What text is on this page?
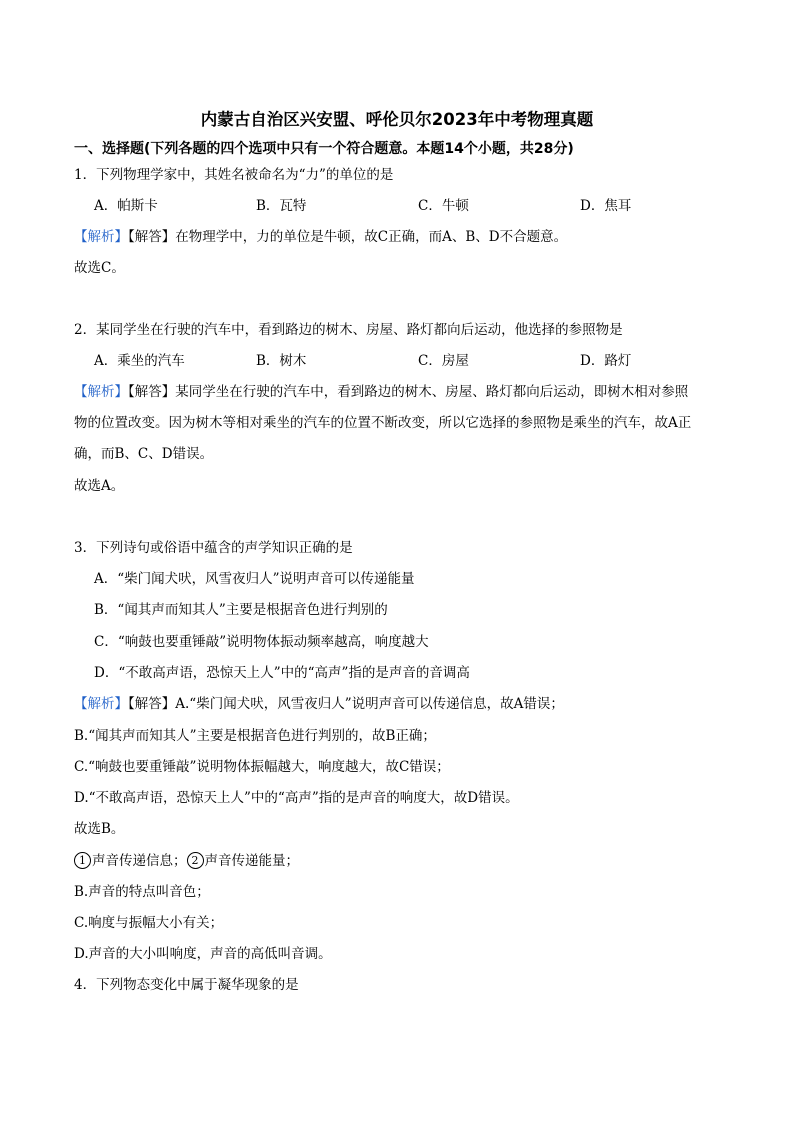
内蒙古自治区兴安盟、呼伦贝尔2023年中考物理真题
一、选择题(下列各题的四个选项中只有一个符合题意。本题14个小题，共28分)
1．下列物理学家中，其姓名被命名为“力”的单位的是
A．帕斯卡	B．瓦特	C．牛顿	D．焦耳
【解析】【解答】在物理学中，力的单位是牛顿，故C正确，而A、B、D不合题意。
故选C。
2．某同学坐在行驶的汽车中，看到路边的树木、房屋、路灯都向后运动，他选择的参照物是
A．乘坐的汽车	B．树木	C．房屋	D．路灯
【解析】【解答】某同学坐在行驶的汽车中，看到路边的树木、房屋、路灯都向后运动，即树木相对参照
物的位置改变。因为树木等相对乘坐的汽车的位置不断改变，所以它选择的参照物是乘坐的汽车，故A正
确，而B、C、D错误。
故选A。
3．下列诗句或俗语中蕴含的声学知识正确的是
A．“柴门闻犬吠，风雪夜归人”说明声音可以传递能量
B．“闻其声而知其人”主要是根据音色进行判别的
C．“响鼓也要重锤敲”说明物体振动频率越高，响度越大
D．“不敢高声语，恐惊天上人”中的“高声”指的是声音的音调高
【解析】【解答】A.“柴门闻犬吠，风雪夜归人”说明声音可以传递信息，故A错误；
B.“闻其声而知其人”主要是根据音色进行判别的，故B正确；
C.“响鼓也要重锤敲”说明物体振幅越大，响度越大，故C错误；
D.“不敢高声语，恐惊天上人”中的“高声”指的是声音的响度大，故D错误。
故选B。
1 声音传递信息； 2 声音传递能量；
B.声音的特点叫音色；
C.响度与振幅大小有关；
D.声音的大小叫响度，声音的高低叫音调。
4．下列物态变化中属于凝华现象的是
